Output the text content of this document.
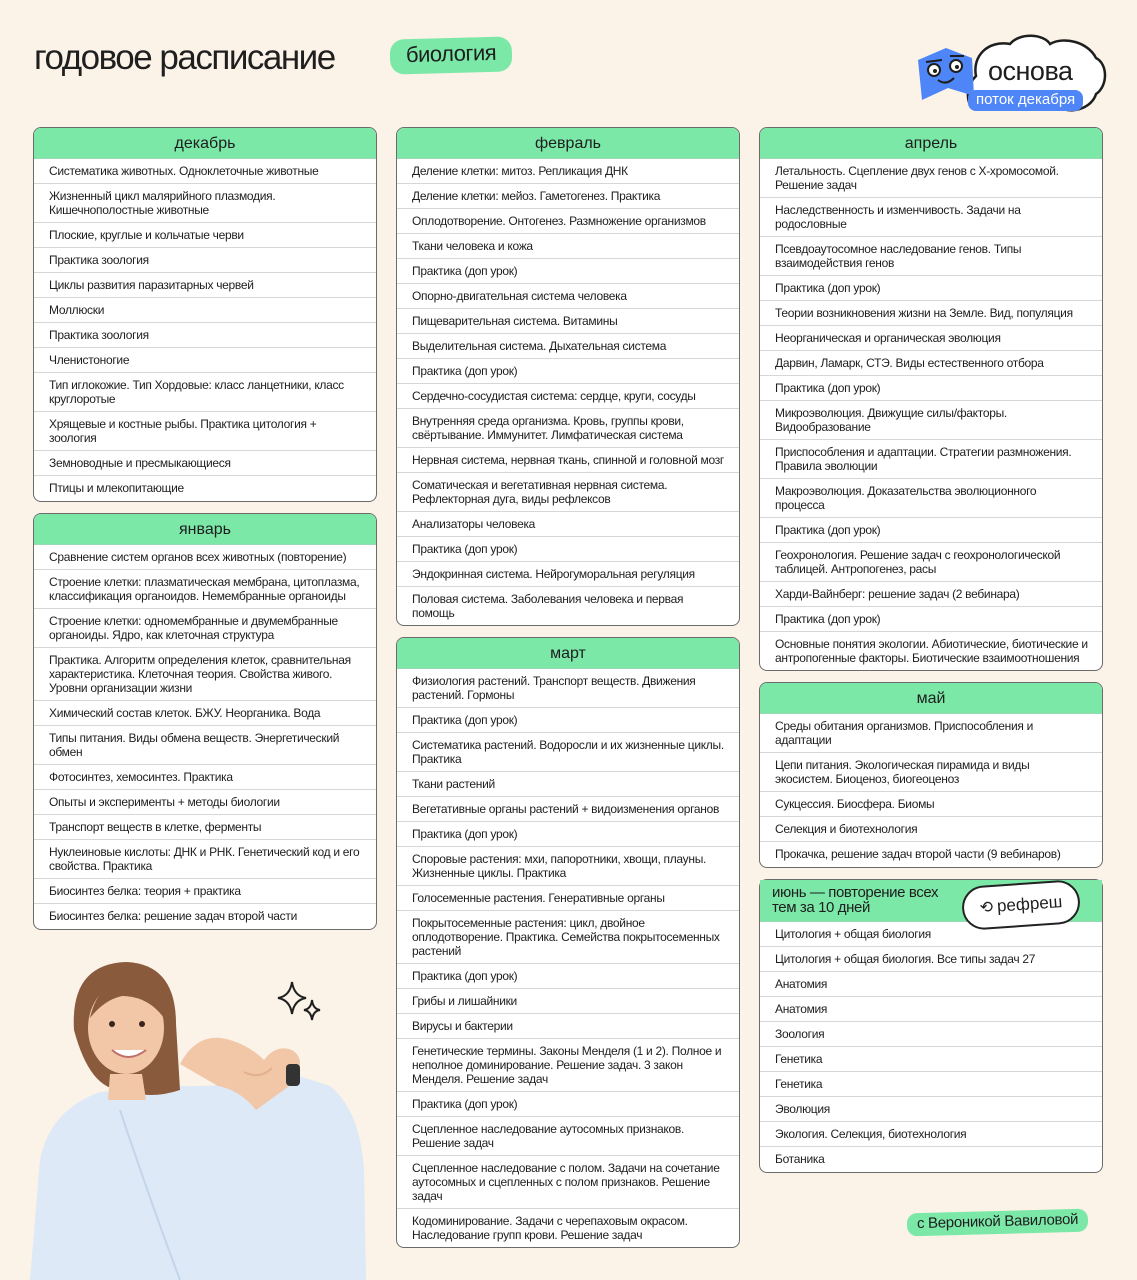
годовое расписание	биология
основа
поток декабря
декабрь
Систематика животных. Одноклеточные животные
Жизненный цикл малярийного плазмодия. Кишечнополостные животные
Плоские, круглые и кольчатые черви
Практика зоология
Циклы развития паразитарных червей
Моллюски
Практика зоология
Членистоногие
Тип иглокожие. Тип Хордовые: класс ланцетники, класс круглоротые
Хрящевые и костные рыбы. Практика цитология + зоология
Земноводные и пресмыкающиеся
Птицы и млекопитающие
январь
Сравнение систем органов всех животных (повторение)
Строение клетки: плазматическая мембрана, цитоплазма, классификация органоидов. Немембранные органоиды
Строение клетки: одномембранные и двумембранные органоиды. Ядро, как клеточная структура
Практика. Алгоритм определения клеток, сравнительная характеристика. Клеточная теория. Свойства живого. Уровни организации жизни
Химический состав клеток. БЖУ. Неорганика. Вода
Типы питания. Виды обмена веществ. Энергетический обмен
Фотосинтез, хемосинтез. Практика
Опыты и эксперименты + методы биологии
Транспорт веществ в клетке, ферменты
Нуклеиновые кислоты: ДНК и РНК. Генетический код и его свойства. Практика
Биосинтез белка: теория + практика
Биосинтез белка: решение задач второй части
февраль
Деление клетки: митоз. Репликация ДНК
Деление клетки: мейоз. Гаметогенез. Практика
Оплодотворение. Онтогенез. Размножение организмов
Ткани человека и кожа
Практика (доп урок)
Опорно-двигательная система человека
Пищеварительная система. Витамины
Выделительная система. Дыхательная система
Практика (доп урок)
Сердечно-сосудистая система: сердце, круги, сосуды
Внутренняя среда организма. Кровь, группы крови, свёртывание. Иммунитет. Лимфатическая система
Нервная система, нервная ткань, спинной и головной мозг
Соматическая и вегетативная нервная система. Рефлекторная дуга, виды рефлексов
Анализаторы человека
Практика (доп урок)
Эндокринная система. Нейрогуморальная регуляция
Половая система. Заболевания человека и первая помощь
март
Физиология растений. Транспорт веществ. Движения растений. Гормоны
Практика (доп урок)
Систематика растений. Водоросли и их жизненные циклы. Практика
Ткани растений
Вегетативные органы растений + видоизменения органов
Практика (доп урок)
Споровые растения: мхи, папоротники, хвощи, плауны. Жизненные циклы. Практика
Голосеменные растения. Генеративные органы
Покрытосеменные растения: цикл, двойное оплодотворение. Практика. Семейства покрытосеменных растений
Практика (доп урок)
Грибы и лишайники
Вирусы и бактерии
Генетические термины. Законы Менделя (1 и 2). Полное и неполное доминирование. Решение задач. 3 закон Менделя. Решение задач
Практика (доп урок)
Сцепленное наследование аутосомных признаков. Решение задач
Сцепленное наследование с полом. Задачи на сочетание аутосомных и сцепленных с полом признаков. Решение задач
Кодоминирование. Задачи с черепаховым окрасом. Наследование групп крови. Решение задач
апрель
Летальность. Сцепление двух генов с Х-хромосомой. Решение задач
Наследственность и изменчивость. Задачи на родословные
Псевдоаутосомное наследование генов. Типы взаимодействия генов
Практика (доп урок)
Теории возникновения жизни на Земле. Вид, популяция
Неорганическая и органическая эволюция
Дарвин, Ламарк, СТЭ. Виды естественного отбора
Практика (доп урок)
Микроэволюция. Движущие силы/факторы. Видообразование
Приспособления и адаптации. Стратегии размножения. Правила эволюции
Макроэволюция. Доказательства эволюционного процесса
Практика (доп урок)
Геохронология. Решение задач с геохронологической таблицей. Антропогенез, расы
Харди-Вайнберг: решение задач (2 вебинара)
Практика (доп урок)
Основные понятия экологии. Абиотические, биотические и антропогенные факторы. Биотические взаимоотношения
май
Среды обитания организмов. Приспособления и адаптации
Цепи питания. Экологическая пирамида и виды экосистем. Биоценоз, биогеоценоз
Сукцессия. Биосфера. Биомы
Селекция и биотехнология
Прокачка, решение задач второй части (9 вебинаров)
июнь — повторение всех тем за 10 дней	⟲ рефреш
Цитология + общая биология
Цитология + общая биология. Все типы задач 27
Анатомия
Анатомия
Зоология
Генетика
Генетика
Эволюция
Экология. Селекция, биотехнология
Ботаника
с Вероникой Вавиловой
